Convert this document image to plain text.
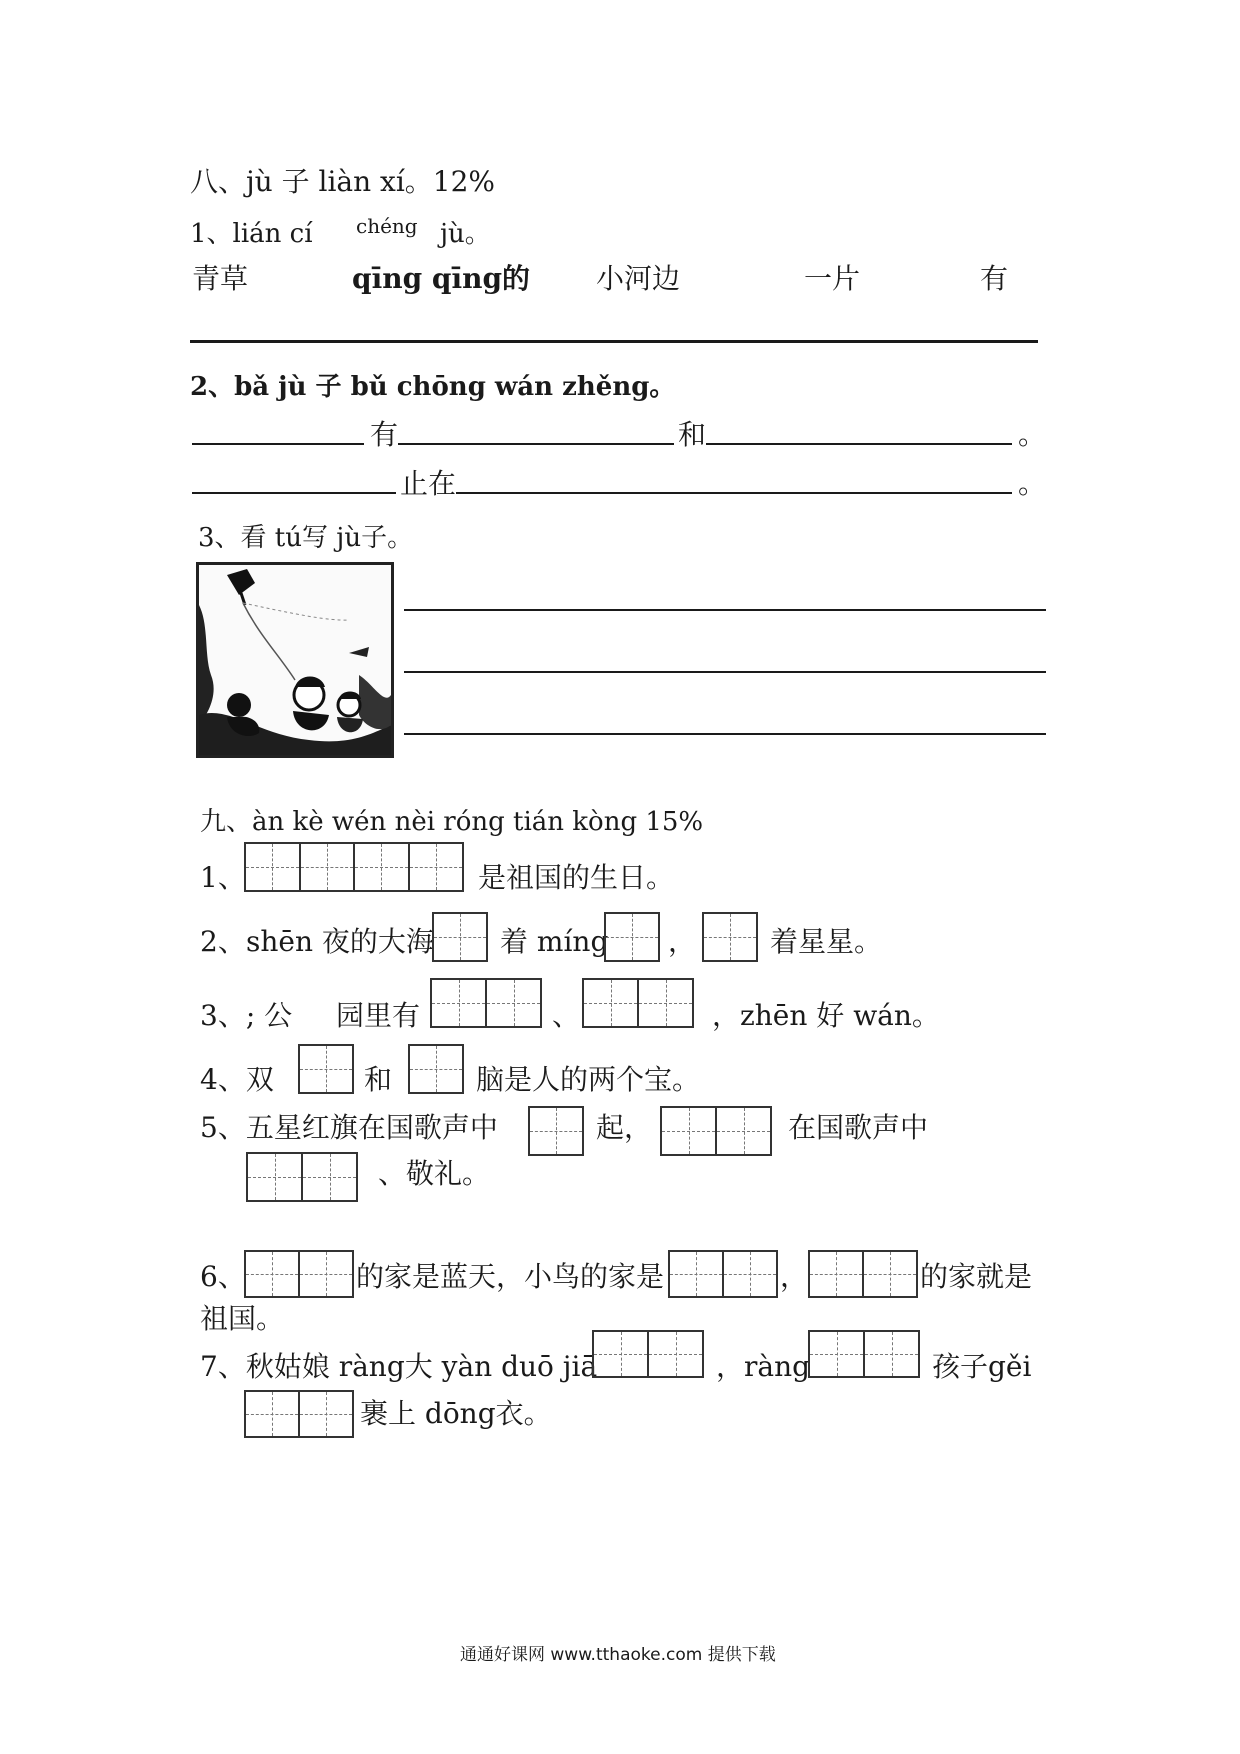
八、jù 子 liàn xí。12%
1、lián cí chéng jù。
青草	qīng qīng的 小河边	一片	有
2、bǎ jù 子 bǔ chōng wán zhěng。
有	和	。
止在	。
3、看 tú写 jù子。
九、àn kè wén nèi róng tián kòng 15%
1、	是祖国的生日。
2、 shēn 夜的大海 着 míng ，	着星星。
3、; 公 园里有	、	，zhēn 好 wán。
4、双	和	脑是人的两个宝。
5、五星红旗在国歌声中	起，	在国歌声中
、敬礼。
6、	的家是蓝天，小鸟的家是	，	的家就是
祖国。
7、秋姑娘 ràng大 yàn duō jiā	，ràng	孩子gěi
裹上 dōng衣。
通通好课网 www.tthaoke.com 提供下载
